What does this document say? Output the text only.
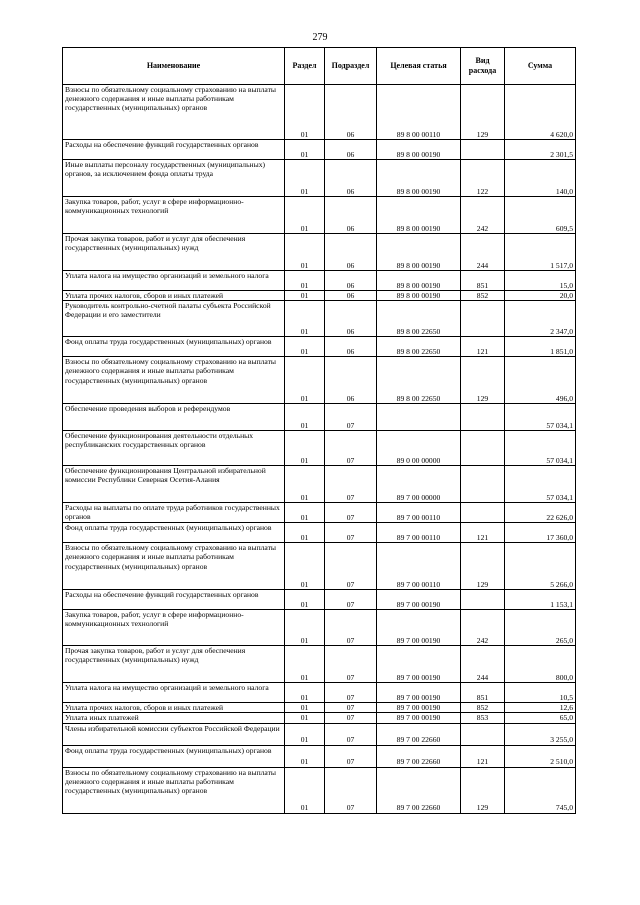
279
Наименование	Раздел	Подраздел	Целевая статья	Вид расхода	Сумма
Взносы по обязательному социальному страхованию на выплаты денежного содержания и иные выплаты работникам государственных (муниципальных) органов	01	06	89 8 00 00110	129	4 620,0
Расходы на обеспечение функций государственных органов	01	06	89 8 00 00190		2 301,5
Иные выплаты персоналу государственных (муниципальных) органов, за исключением фонда оплаты труда	01	06	89 8 00 00190	122	140,0
Закупка товаров, работ, услуг в сфере информационно-коммуникационных технологий	01	06	89 8 00 00190	242	609,5
Прочая закупка товаров, работ и услуг для обеспечения государственных (муниципальных) нужд	01	06	89 8 00 00190	244	1 517,0
Уплата налога на имущество организаций и земельного налога	01	06	89 8 00 00190	851	15,0
Уплата прочих налогов, сборов и иных платежей	01	06	89 8 00 00190	852	20,0
Руководитель контрольно-счетной палаты субъекта Российской Федерации и его заместители	01	06	89 8 00 22650		2 347,0
Фонд оплаты труда государственных (муниципальных) органов	01	06	89 8 00 22650	121	1 851,0
Взносы по обязательному социальному страхованию на выплаты денежного содержания и иные выплаты работникам государственных (муниципальных) органов	01	06	89 8 00 22650	129	496,0
Обеспечение проведения выборов и референдумов	01	07			57 034,1
Обеспечение функционирования деятельности отдельных республиканских государственных органов	01	07	89 0 00 00000		57 034,1
Обеспечение функционирования Центральной избирательной комиссии Республики Северная Осетия-Алания	01	07	89 7 00 00000		57 034,1
Расходы на выплаты по оплате труда работников государственных органов	01	07	89 7 00 00110		22 626,0
Фонд оплаты труда государственных (муниципальных) органов	01	07	89 7 00 00110	121	17 360,0
Взносы по обязательному социальному страхованию на выплаты денежного содержания и иные выплаты работникам государственных (муниципальных) органов	01	07	89 7 00 00110	129	5 266,0
Расходы на обеспечение функций государственных органов	01	07	89 7 00 00190		1 153,1
Закупка товаров, работ, услуг в сфере информационно-коммуникационных технологий	01	07	89 7 00 00190	242	265,0
Прочая закупка товаров, работ и услуг для обеспечения государственных (муниципальных) нужд	01	07	89 7 00 00190	244	800,0
Уплата налога на имущество организаций и земельного налога	01	07	89 7 00 00190	851	10,5
Уплата прочих налогов, сборов и иных платежей	01	07	89 7 00 00190	852	12,6
Уплата иных платежей	01	07	89 7 00 00190	853	65,0
Члены избирательной комиссии субъектов Российской Федерации	01	07	89 7 00 22660		3 255,0
Фонд оплаты труда государственных (муниципальных) органов	01	07	89 7 00 22660	121	2 510,0
Взносы по обязательному социальному страхованию на выплаты денежного содержания и иные выплаты работникам государственных (муниципальных) органов	01	07	89 7 00 22660	129	745,0
